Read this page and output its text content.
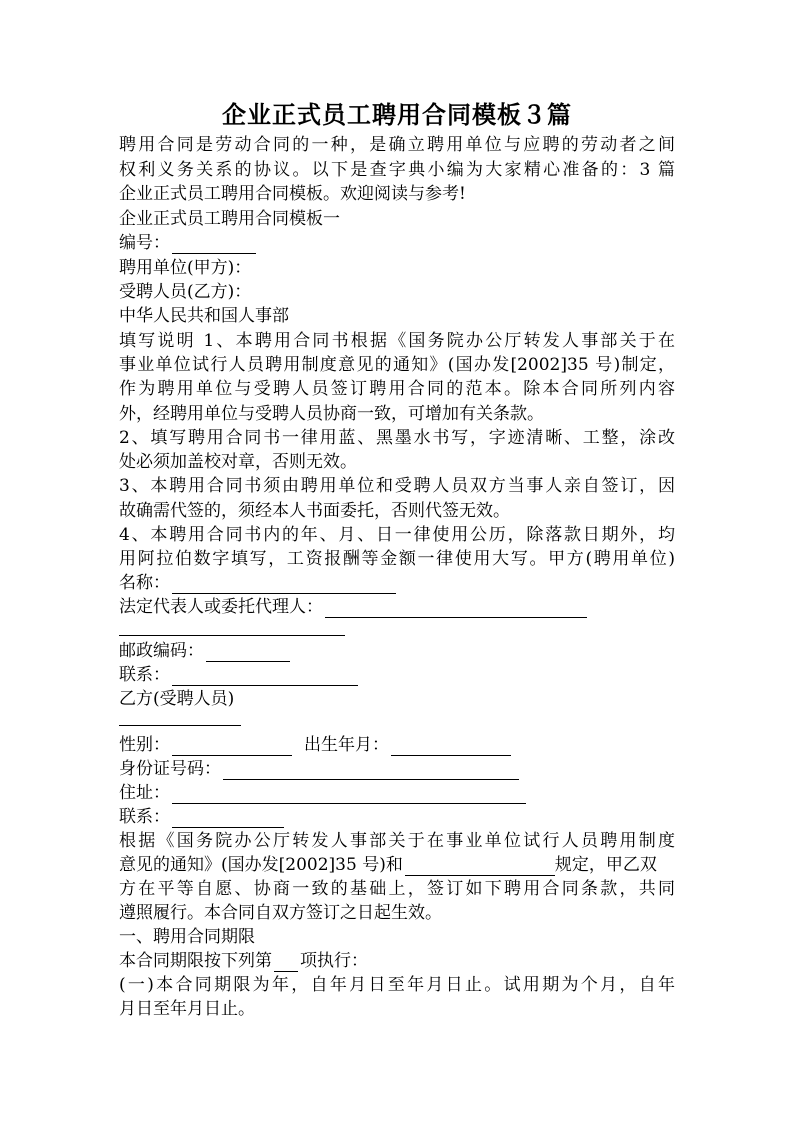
企业正式员工聘用合同模板３篇
聘用合同是劳动合同的一种，是确立聘用单位与应聘的劳动者之间
权利义务关系的协议。以下是查字典小编为大家精心准备的：3 篇
企业正式员工聘用合同模板。欢迎阅读与参考!
企业正式员工聘用合同模板一
编号：
聘用单位(甲方)：
受聘人员(乙方)：
中华人民共和国人事部
填写说明 1、本聘用合同书根据《国务院办公厅转发人事部关于在
事业单位试行人员聘用制度意见的通知》(国办发[2002]35 号)制定，
作为聘用单位与受聘人员签订聘用合同的范本。除本合同所列内容
外，经聘用单位与受聘人员协商一致，可增加有关条款。
2、填写聘用合同书一律用蓝、黑墨水书写，字迹清晰、工整，涂改
处必须加盖校对章，否则无效。
3、本聘用合同书须由聘用单位和受聘人员双方当事人亲自签订，因
故确需代签的，须经本人书面委托，否则代签无效。
4、本聘用合同书内的年、月、日一律使用公历，除落款日期外，均
用阿拉伯数字填写，工资报酬等金额一律使用大写。甲方(聘用单位)
名称：
法定代表人或委托代理人：
邮政编码：
联系：
乙方(受聘人员)
性别：	出生年月：
身份证号码：
住址：
联系：
根据《国务院办公厅转发人事部关于在事业单位试行人员聘用制度
意见的通知》(国办发[2002]35 号)和	规定，甲乙双
方在平等自愿、协商一致的基础上，签订如下聘用合同条款，共同
遵照履行。本合同自双方签订之日起生效。
一、聘用合同期限
本合同期限按下列第 项执行：
(一)本合同期限为年，自年月日至年月日止。试用期为个月，自年
月日至年月日止。
